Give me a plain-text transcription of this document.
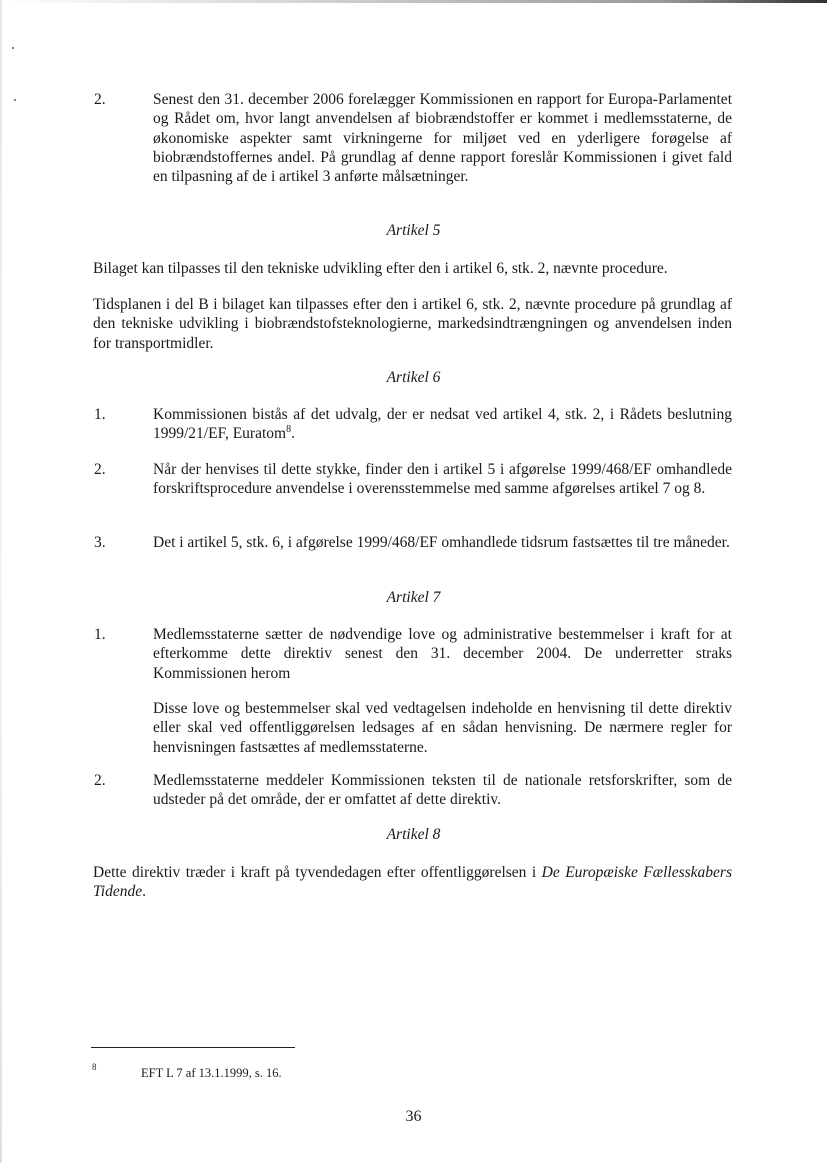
2.	Senest den 31. december 2006 forelægger Kommissionen en rapport for Europa-Parlamentet og Rådet om, hvor langt anvendelsen af biobrændstoffer er kommet i medlemsstaterne, de økonomiske aspekter samt virkningerne for miljøet ved en yderligere forøgelse af biobrændstoffernes andel. På grundlag af denne rapport foreslår Kommissionen i givet fald en tilpasning af de i artikel 3 anførte målsætninger.
Artikel 5
Bilaget kan tilpasses til den tekniske udvikling efter den i artikel 6, stk. 2, nævnte procedure.
Tidsplanen i del B i bilaget kan tilpasses efter den i artikel 6, stk. 2, nævnte procedure på grundlag af den tekniske udvikling i biobrændstofsteknologierne, markedsindtrængningen og anvendelsen inden for transportmidler.
Artikel 6
1.	Kommissionen bistås af det udvalg, der er nedsat ved artikel 4, stk. 2, i Rådets beslutning 1999/21/EF, Euratom$^8$.
2.	Når der henvises til dette stykke, finder den i artikel 5 i afgørelse 1999/468/EF omhandlede forskriftsprocedure anvendelse i overensstemmelse med samme afgørelses artikel 7 og 8.
3.	Det i artikel 5, stk. 6, i afgørelse 1999/468/EF omhandlede tidsrum fastsættes til tre måneder.
Artikel 7
1.	Medlemsstaterne sætter de nødvendige love og administrative bestemmelser i kraft for at efterkomme dette direktiv senest den 31. december 2004. De underretter straks Kommissionen herom
Disse love og bestemmelser skal ved vedtagelsen indeholde en henvisning til dette direktiv eller skal ved offentliggørelsen ledsages af en sådan henvisning. De nærmere regler for henvisningen fastsættes af medlemsstaterne.
2.	Medlemsstaterne meddeler Kommissionen teksten til de nationale retsforskrifter, som de udsteder på det område, der er omfattet af dette direktiv.
Artikel 8
Dette direktiv træder i kraft på tyvendedagen efter offentliggørelsen i De Europæiske Fællesskabers Tidende.
8	EFT L 7 af 13.1.1999, s. 16.
36
